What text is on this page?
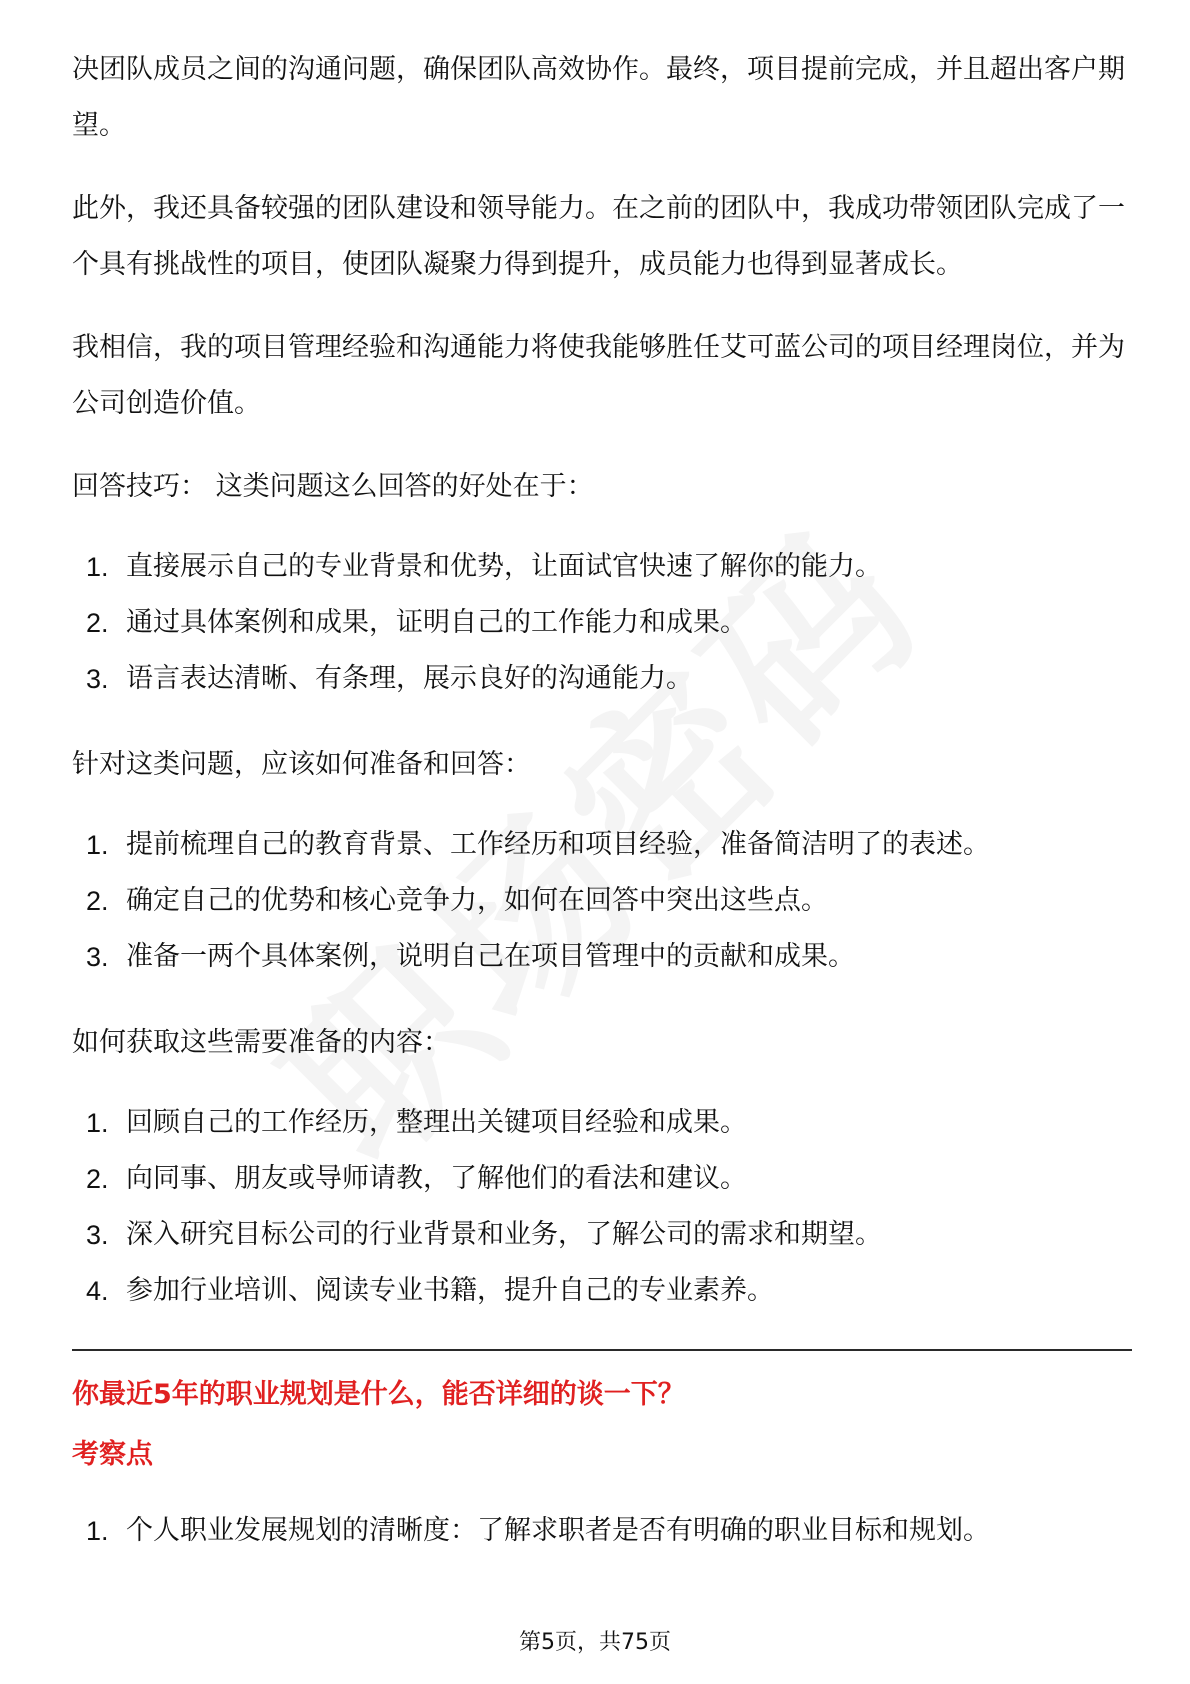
决团队成员之间的沟通问题，确保团队高效协作。最终，项目提前完成，并且超出客户期望。

此外，我还具备较强的团队建设和领导能力。在之前的团队中，我成功带领团队完成了一个具有挑战性的项目，使团队凝聚力得到提升，成员能力也得到显著成长。

我相信，我的项目管理经验和沟通能力将使我能够胜任艾可蓝公司的项目经理岗位，并为公司创造价值。

回答技巧： 这类问题这么回答的好处在于：

1. 直接展示自己的专业背景和优势，让面试官快速了解你的能力。
2. 通过具体案例和成果，证明自己的工作能力和成果。
3. 语言表达清晰、有条理，展示良好的沟通能力。

针对这类问题，应该如何准备和回答：

1. 提前梳理自己的教育背景、工作经历和项目经验，准备简洁明了的表述。
2. 确定自己的优势和核心竞争力，如何在回答中突出这些点。
3. 准备一两个具体案例，说明自己在项目管理中的贡献和成果。

如何获取这些需要准备的内容：

1. 回顾自己的工作经历，整理出关键项目经验和成果。
2. 向同事、朋友或导师请教，了解他们的看法和建议。
3. 深入研究目标公司的行业背景和业务，了解公司的需求和期望。
4. 参加行业培训、阅读专业书籍，提升自己的专业素养。

你最近5年的职业规划是什么，能否详细的谈一下？

考察点

1. 个人职业发展规划的清晰度：了解求职者是否有明确的职业目标和规划。
第5页，共75页
